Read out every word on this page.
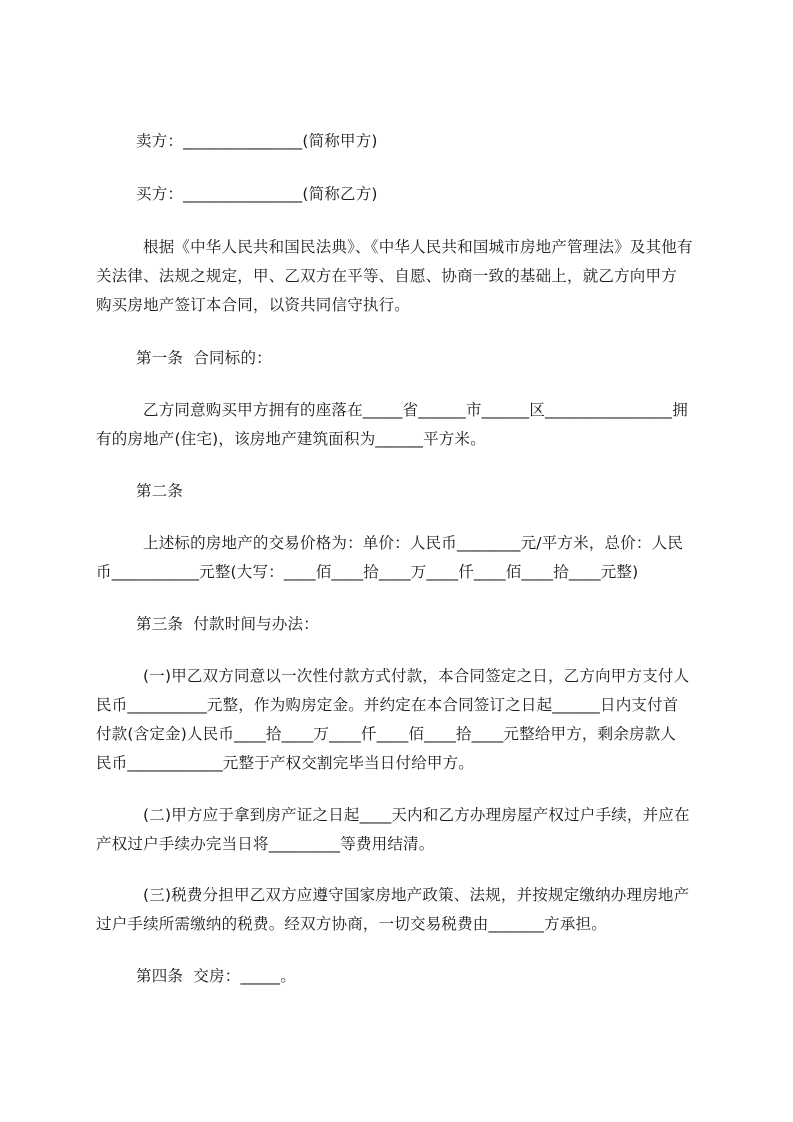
卖方：_______________(简称甲方)
买方：_______________(简称乙方)
根据《中华人民共和国民法典》、《中华人民共和国城市房地产管理法》及其他有
关法律、法规之规定，甲、乙双方在平等、自愿、协商一致的基础上，就乙方向甲方
购买房地产签订本合同，以资共同信守执行。
第一条  合同标的：
乙方同意购买甲方拥有的座落在_____省______市______区________________拥
有的房地产(住宅)，该房地产建筑面积为______平方米。
第二条
上述标的房地产的交易价格为：单价：人民币________元/平方米，总价：人民
币___________元整(大写：____佰____拾____万____仟____佰____拾____元整)
第三条  付款时间与办法：
(一)甲乙双方同意以一次性付款方式付款，本合同签定之日，乙方向甲方支付人
民币__________元整，作为购房定金。并约定在本合同签订之日起______日内支付首
付款(含定金)人民币____拾____万____仟____佰____拾____元整给甲方，剩余房款人
民币____________元整于产权交割完毕当日付给甲方。
(二)甲方应于拿到房产证之日起____天内和乙方办理房屋产权过户手续，并应在
产权过户手续办完当日将_________等费用结清。
(三)税费分担甲乙双方应遵守国家房地产政策、法规，并按规定缴纳办理房地产
过户手续所需缴纳的税费。经双方协商，一切交易税费由_______方承担。
第四条  交房：_____。
